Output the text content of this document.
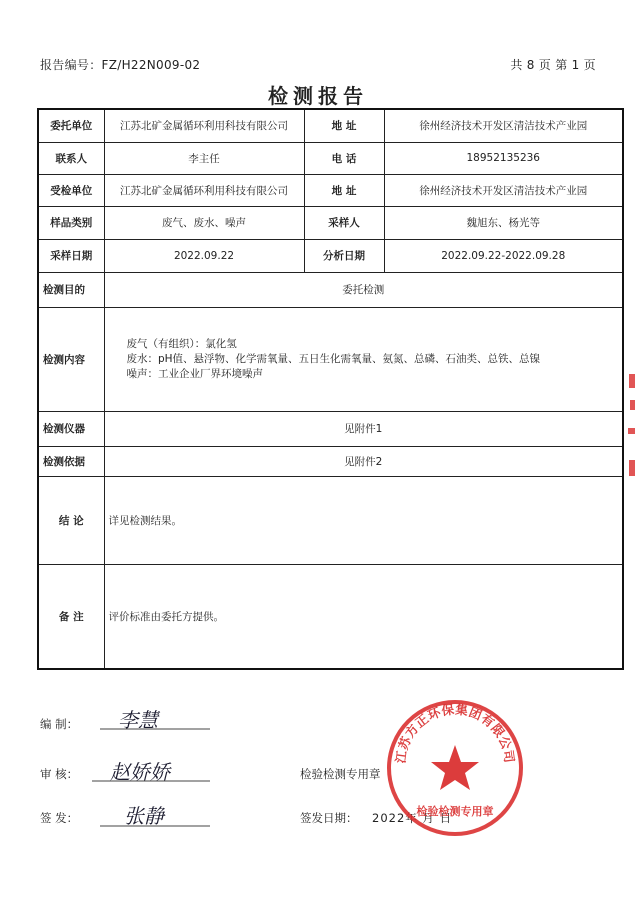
报告编号：FZ/H22N009-02	共 8 页 第 1 页
检测报告
委托单位	江苏北矿金属循环利用科技有限公司	地 址	徐州经济技术开发区清洁技术产业园
联系人	李主任	电 话	18952135236
受检单位	江苏北矿金属循环利用科技有限公司	地 址	徐州经济技术开发区清洁技术产业园
样品类别	废气、废水、噪声	采样人	魏旭东、杨光等
采样日期	2022.09.22	分析日期	2022.09.22-2022.09.28
检测目的	委托检测		
检测内容	废气（有组织）：氯化氢
废水：pH值、悬浮物、化学需氧量、五日生化需氧量、氨氮、总磷、石油类、总铁、总镍
噪声：工业企业厂界环境噪声		

检测仪器	见附件1		
检测依据	见附件2		
结 论	详见检测结果。		
备 注	评价标准由委托方提供。		
编 制： 李慧
审 核： 赵娇娇
签 发： 张静
检验检测专用章
签发日期： 2022年 月 日
江苏方正环保集团有限公司
检验检测专用章
